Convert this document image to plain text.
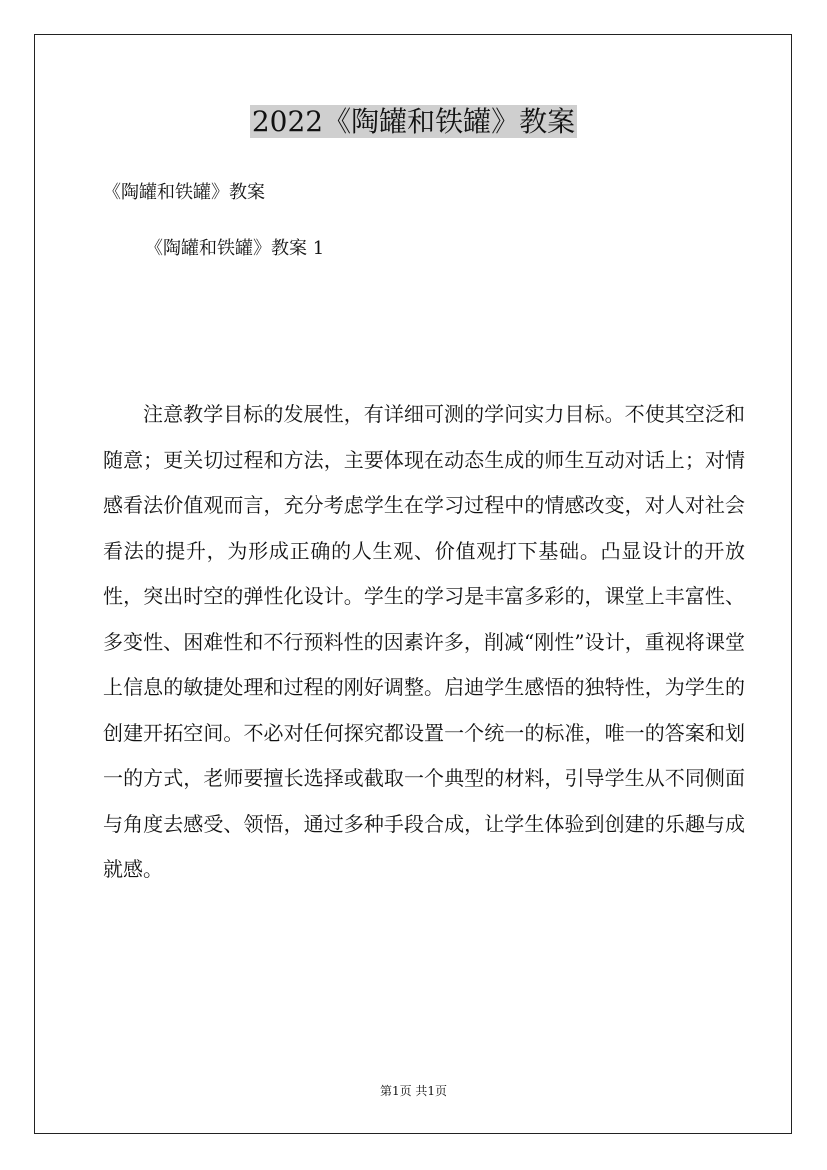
2022《陶罐和铁罐》教案
《陶罐和铁罐》教案
《陶罐和铁罐》教案 1

注意教学目标的发展性，有详细可测的学问实力目标。不使其空泛和随意；更关切过程和方法，主要体现在动态生成的师生互动对话上；对情感看法价值观而言，充分考虑学生在学习过程中的情感改变，对人对社会看法的提升，为形成正确的人生观、价值观打下基础。凸显设计的开放性，突出时空的弹性化设计。学生的学习是丰富多彩的，课堂上丰富性、多变性、困难性和不行预料性的因素许多，削减“刚性”设计，重视将课堂上信息的敏捷处理和过程的刚好调整。启迪学生感悟的独特性，为学生的创建开拓空间。不必对任何探究都设置一个统一的标准，唯一的答案和划一的方式，老师要擅长选择或截取一个典型的材料，引导学生从不同侧面与角度去感受、领悟，通过多种手段合成，让学生体验到创建的乐趣与成就感。

第1页 共1页
